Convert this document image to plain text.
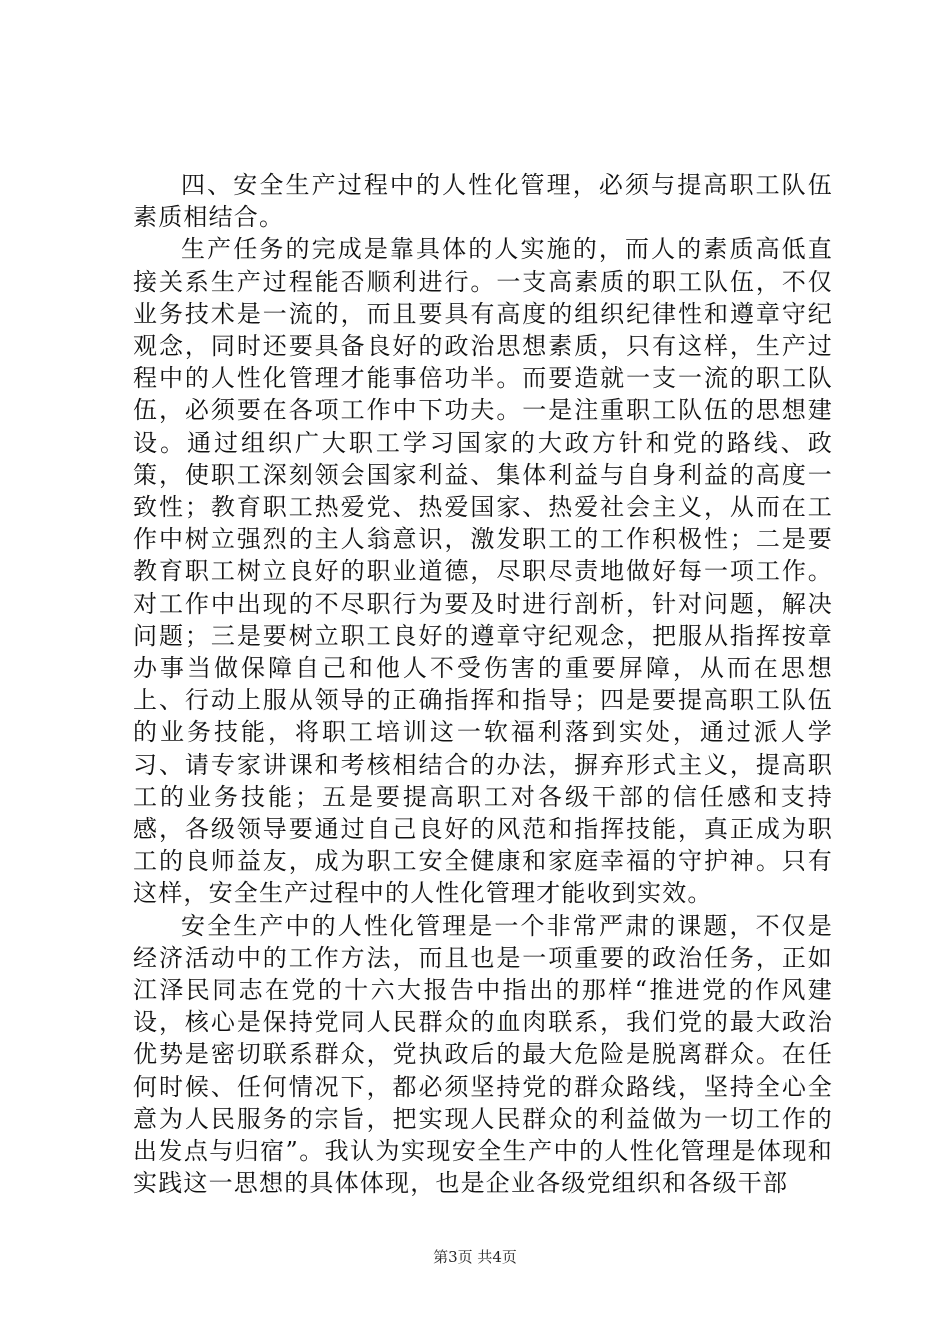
四、安全生产过程中的人性化管理，必须与提高职工队伍素质相结合。

生产任务的完成是靠具体的人实施的，而人的素质高低直接关系生产过程能否顺利进行。一支高素质的职工队伍，不仅业务技术是一流的，而且要具有高度的组织纪律性和遵章守纪观念，同时还要具备良好的政治思想素质，只有这样，生产过程中的人性化管理才能事倍功半。而要造就一支一流的职工队伍，必须要在各项工作中下功夫。一是注重职工队伍的思想建设。通过组织广大职工学习国家的大政方针和党的路线、政策，使职工深刻领会国家利益、集体利益与自身利益的高度一致性；教育职工热爱党、热爱国家、热爱社会主义，从而在工作中树立强烈的主人翁意识，激发职工的工作积极性；二是要教育职工树立良好的职业道德，尽职尽责地做好每一项工作。对工作中出现的不尽职行为要及时进行剖析，针对问题，解决问题；三是要树立职工良好的遵章守纪观念，把服从指挥按章办事当做保障自己和他人不受伤害的重要屏障，从而在思想上、行动上服从领导的正确指挥和指导；四是要提高职工队伍的业务技能，将职工培训这一软福利落到实处，通过派人学习、请专家讲课和考核相结合的办法，摒弃形式主义，提高职工的业务技能；五是要提高职工对各级干部的信任感和支持感，各级领导要通过自己良好的风范和指挥技能，真正成为职工的良师益友，成为职工安全健康和家庭幸福的守护神。只有这样，安全生产过程中的人性化管理才能收到实效。

安全生产中的人性化管理是一个非常严肃的课题，不仅是经济活动中的工作方法，而且也是一项重要的政治任务，正如江泽民同志在党的十六大报告中指出的那样“推进党的作风建设，核心是保持党同人民群众的血肉联系，我们党的最大政治优势是密切联系群众，党执政后的最大危险是脱离群众。在任何时候、任何情况下，都必须坚持党的群众路线，坚持全心全意为人民服务的宗旨，把实现人民群众的利益做为一切工作的出发点与归宿”。我认为实现安全生产中的人性化管理是体现和实践这一思想的具体体现，也是企业各级党组织和各级干部

第3页 共4页
